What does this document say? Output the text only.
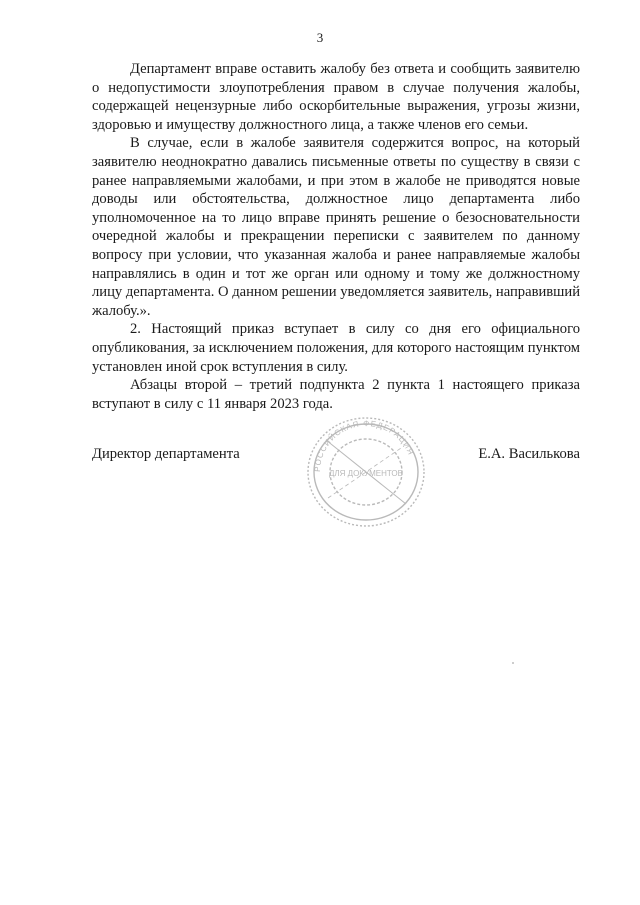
3

Департамент вправе оставить жалобу без ответа и сообщить заявителю о недопустимости злоупотребления правом в случае получения жалобы, содержащей нецензурные либо оскорбительные выражения, угрозы жизни, здоровью и имуществу должностного лица, а также членов его семьи.

В случае, если в жалобе заявителя содержится вопрос, на который заявителю неоднократно давались письменные ответы по существу в связи с ранее направляемыми жалобами, и при этом в жалобе не приводятся новые доводы или обстоятельства, должностное лицо департамента либо уполномоченное на то лицо вправе принять решение о безосновательности очередной жалобы и прекращении переписки с заявителем по данному вопросу при условии, что указанная жалоба и ранее направляемые жалобы направлялись в один и тот же орган или одному и тому же должностному лицу департамента. О данном решении уведомляется заявитель, направивший жалобу.».

2. Настоящий приказ вступает в силу со дня его официального опубликования, за исключением положения, для которого настоящим пунктом установлен иной срок вступления в силу.

Абзацы второй – третий подпункта 2 пункта 1 настоящего приказа вступают в силу с 11 января 2023 года.

Директор департамента
РОССИЙСКАЯ ФЕДЕРАЦИЯ
ДЛЯ ДОКУМЕНТОВ
Е.А. Василькова
